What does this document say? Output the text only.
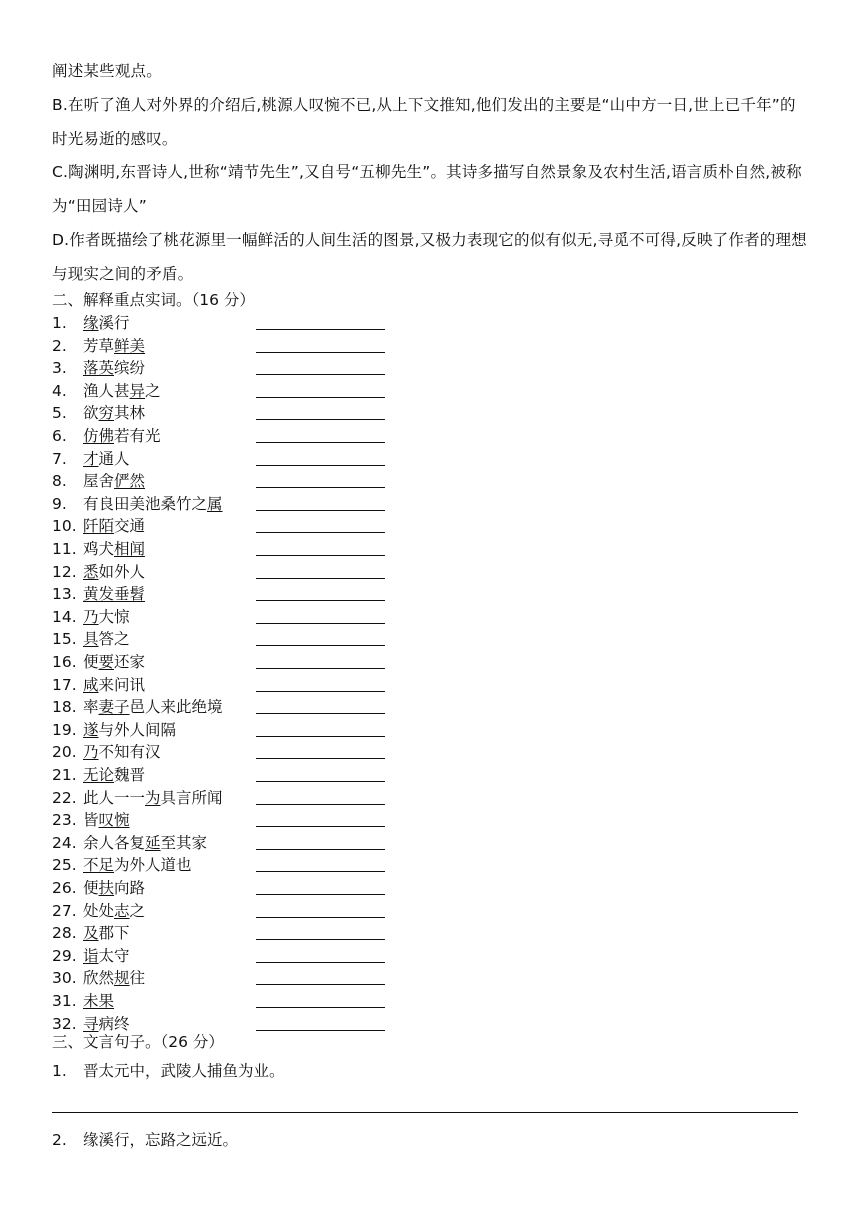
阐述某些观点。

B.在听了渔人对外界的介绍后,桃源人叹惋不已,从上下文推知,他们发出的主要是“山中方一日,世上已千年”的时光易逝的感叹。

C.陶渊明,东晋诗人,世称“靖节先生”,又自号“五柳先生”。其诗多描写自然景象及农村生活,语言质朴自然,被称为“田园诗人”

D.作者既描绘了桃花源里一幅鲜活的人间生活的图景,又极力表现它的似有似无,寻觅不可得,反映了作者的理想与现实之间的矛盾。

二、解释重点实词。（16 分）

1.	缘溪行
2.	芳草鲜美
3.	落英缤纷
4.	渔人甚异之
5.	欲穷其林
6.	仿佛若有光
7.	才通人
8.	屋舍俨然
9.	有良田美池桑竹之属
10. 阡陌交通
11. 鸡犬相闻
12. 悉如外人
13. 黄发垂髫
14. 乃大惊
15. 具答之
16. 便要还家
17. 咸来问讯
18. 率妻子邑人来此绝境
19. 遂与外人间隔
20. 乃不知有汉
21. 无论魏晋
22. 此人一一为具言所闻
23. 皆叹惋
24. 余人各复延至其家
25. 不足为外人道也
26. 便扶向路
27. 处处志之
28. 及郡下
29. 诣太守
30. 欣然规往
31. 未果
32. 寻病终

三、文言句子。（26 分）

1.	晋太元中，武陵人捕鱼为业。
2.	缘溪行，忘路之远近。
